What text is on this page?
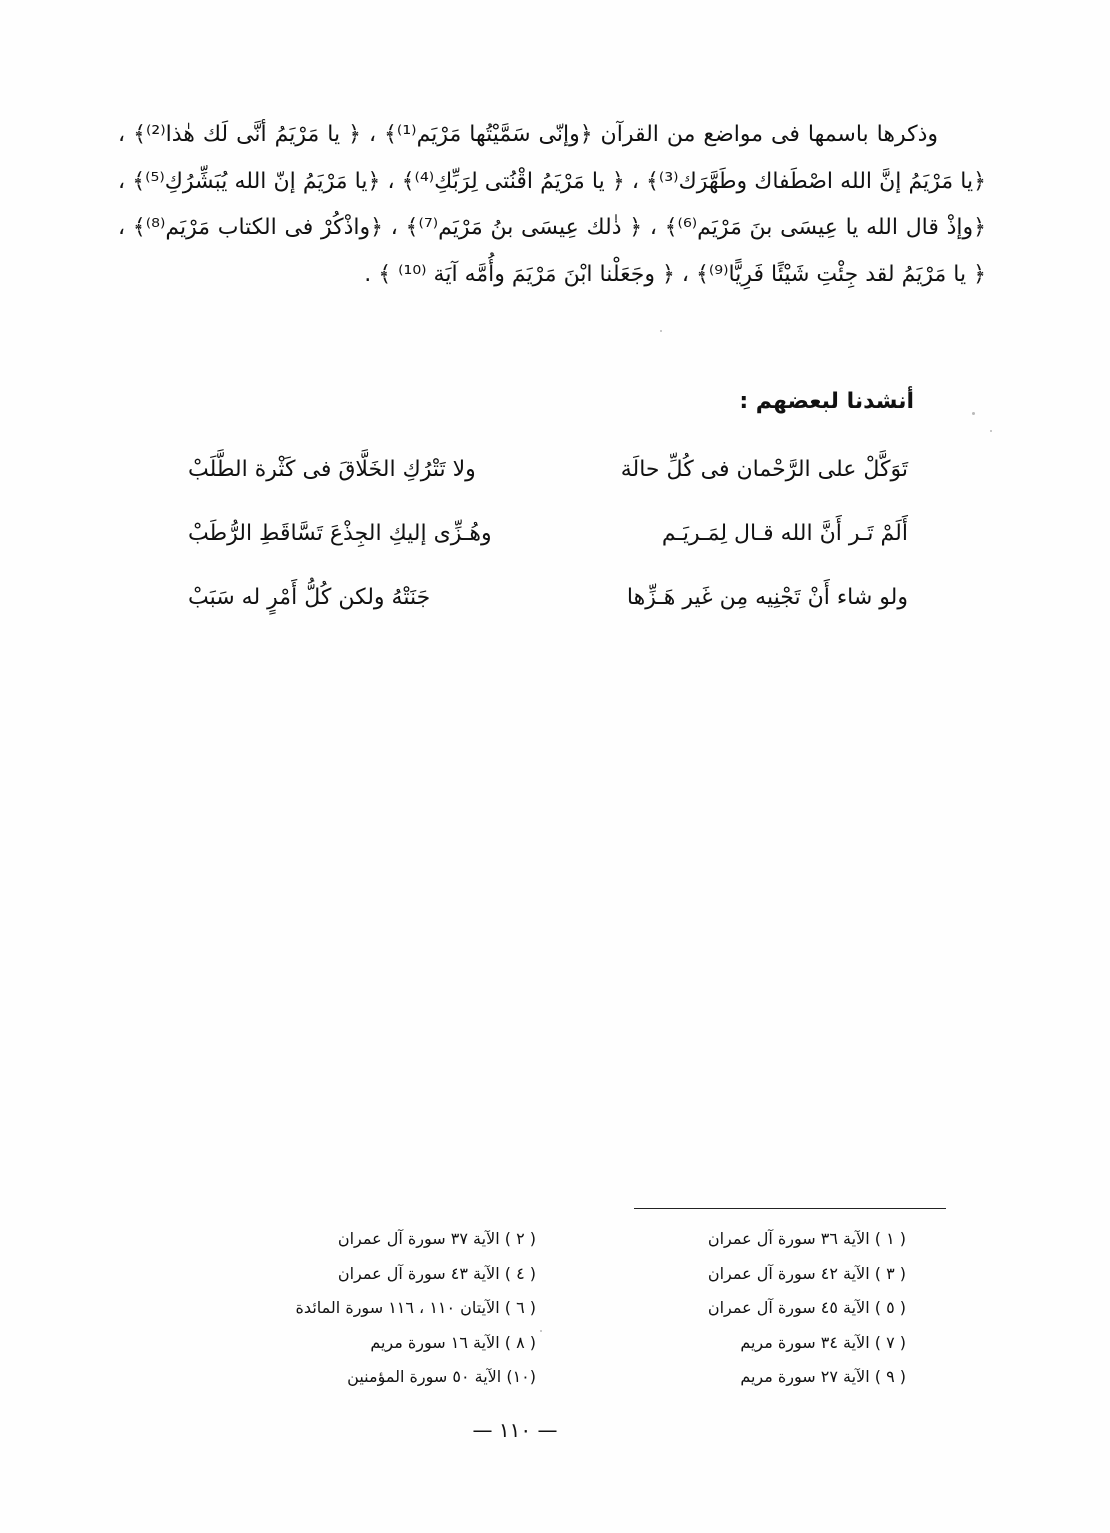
وذكرها باسمها فى مواضع من القرآن ﴿وإنّى سَمَّيْتُها مَرْيَم⁽¹⁾﴾ ، ﴿ يا مَرْيَمُ أنَّى لَك هٰذا⁽²⁾﴾ ، ﴿يا مَرْيَمُ إنَّ الله اصْطَفاك وطَهَّرَك⁽³⁾﴾ ، ﴿ يا مَرْيَمُ اقْنُتى لِرَبِّكِ⁽⁴⁾﴾ ، ﴿يا مَرْيَمُ إنّ الله يُبَشِّرُكِ⁽⁵⁾﴾ ، ﴿وإذْ قال الله يا عِيسَى بنَ مَرْيَم⁽⁶⁾﴾ ، ﴿ ذٰلك عِيسَى بنُ مَرْيَم⁽⁷⁾﴾ ، ﴿واذْكُرْ فى الكتاب مَرْيَم⁽⁸⁾﴾ ، ﴿ يا مَرْيَمُ لقد جِئْتِ شَيْئًا فَرِيًّا⁽⁹⁾﴾ ، ﴿ وجَعَلْنا ابْنَ مَرْيَمَ وأُمَّه آيَة ⁽¹⁰⁾ ﴾ .

أنشدنا لبعضهم :
تَوَكَّلْ على الرَّحْمان فى كُلِّ حالَة
ولا تَتْرُكِ الخَلَّاقَ فى كَثْرة الطَّلَبْ
أَلَمْ تَـر أَنَّ الله قـال لِمَـريَـم
وهُـزِّى إليكِ الجِذْعَ تَسَّاقَطِ الرُّطَبْ
ولو شاء أَنْ تَجْنِيه مِن غَير هَـزِّها
جَنَتْهُ ولكن كُلُّ أَمْرٍ له سَبَبْ
( ١ ) الآية ٣٦ سورة آل عمران
( ٢ ) الآية ٣٧ سورة آل عمران
( ٣ ) الآية ٤٢ سورة آل عمران
( ٤ ) الآية ٤٣ سورة آل عمران
( ٥ ) الآية ٤٥ سورة آل عمران
( ٦ ) الآيتان ١١٠ ، ١١٦ سورة المائدة
( ٧ ) الآية ٣٤ سورة مريم
( ٨ ) الآية ١٦ سورة مريم
( ٩ ) الآية ٢٧ سورة مريم
(١٠) الآية ٥٠ سورة المؤمنين
— ١١٠ —
